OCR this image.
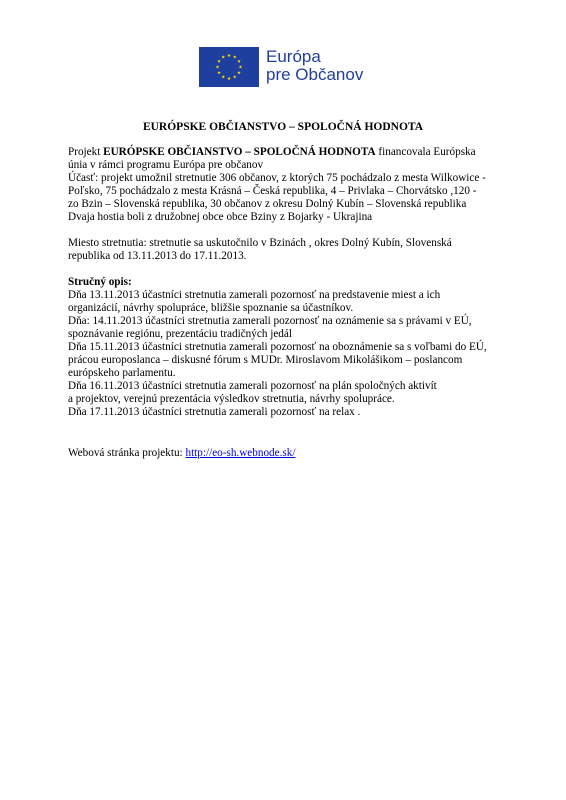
Európa
pre Občanov
EURÓPSKE OBČIANSTVO – SPOLOČNÁ HODNOTA
Projekt EURÓPSKE OBČIANSTVO – SPOLOČNÁ HODNOTA financovala Európska
únia v rámci programu Európa pre občanov
Účasť: projekt umožnil stretnutie 306 občanov, z ktorých 75 pochádzalo z mesta Wilkowice -
Poľsko, 75 pochádzalo z mesta Krásná – Česká republika, 4 – Privlaka – Chorvátsko ,120 -
zo Bzin – Slovenská republika, 30 občanov z okresu Dolný Kubín – Slovenská republika
Dvaja hostia boli z družobnej obce obce Bziny z Bojarky - Ukrajina
Miesto stretnutia: stretnutie sa uskutočnilo v Bzinách , okres Dolný Kubín, Slovenská
republika od 13.11.2013 do 17.11.2013.
Stručný opis:
Dňa 13.11.2013 účastníci stretnutia zamerali pozornosť na predstavenie miest a ich
organizácií, návrhy spolupráce, bližšie spoznanie sa účastníkov.
Dňa: 14.11.2013 účastníci stretnutia zamerali pozornosť na oznámenie sa s právami v EÚ,
spoznávanie regiónu, prezentáciu tradičných jedál
Dňa 15.11.2013 účastníci stretnutia zamerali pozornosť na oboznámenie sa s voľbami do EÚ,
prácou europoslanca – diskusné fórum s MUDr. Miroslavom Mikolášikom – poslancom
európskeho parlamentu.
Dňa 16.11.2013 účastníci stretnutia zamerali pozornosť na plán spoločných aktivít
a projektov, verejnú prezentácia výsledkov stretnutia, návrhy spolupráce.
Dňa 17.11.2013 účastníci stretnutia zamerali pozornosť na relax .
Webová stránka projektu: http://eo-sh.webnode.sk/
